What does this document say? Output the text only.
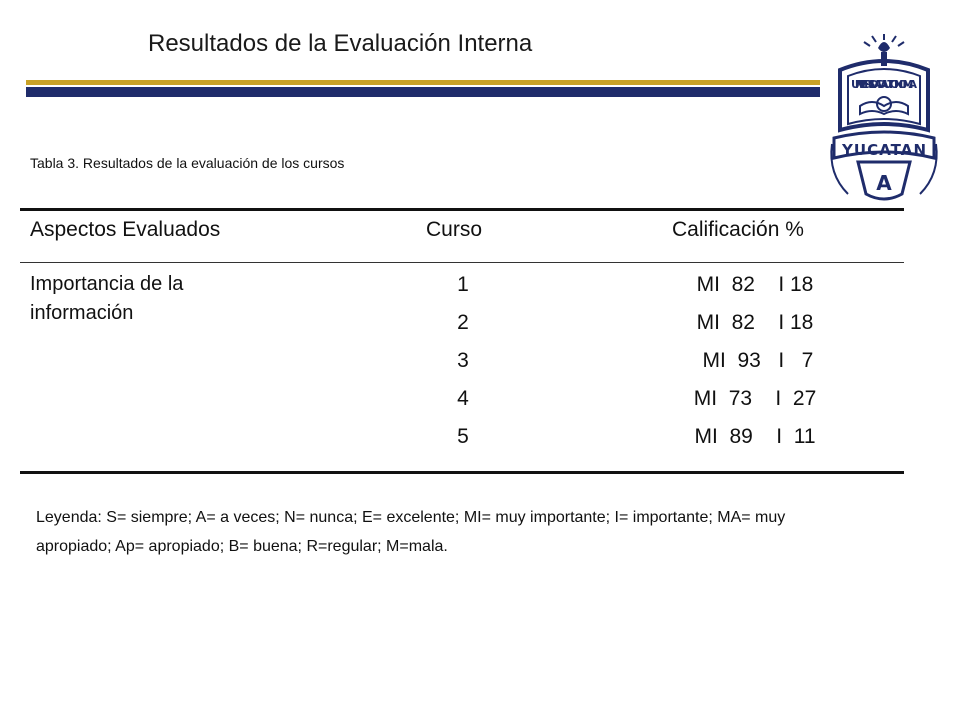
Resultados de la Evaluación Interna
UNIVERSIDAD AUTONOMA
YUCATAN
A
Tabla 3. Resultados de la evaluación de los cursos
Aspectos Evaluados	Curso	Calificación %
Importancia de la información
1
2
3
4
5
MI  82    I 18
MI  82    I 18
MI  93   I   7
MI  73    I  27
MI  89    I  11
Leyenda: S= siempre; A= a veces; N= nunca; E= excelente; MI= muy importante; I= importante; MA= muy apropiado; Ap= apropiado; B= buena; R=regular; M=mala.
